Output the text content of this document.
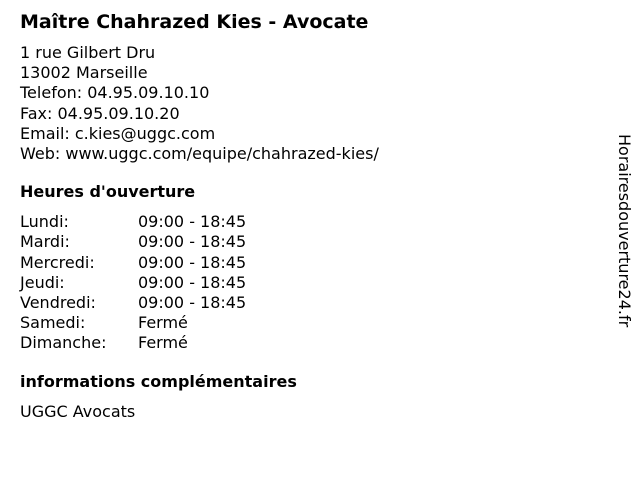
Maître Chahrazed Kies - Avocate
1 rue Gilbert Dru
13002 Marseille
Telefon: 04.95.09.10.10
Fax: 04.95.09.10.20
Email: c.kies@uggc.com
Web: www.uggc.com/equipe/chahrazed-kies/
Heures d'ouverture
Lundi:	09:00 - 18:45
Mardi:	09:00 - 18:45
Mercredi:	09:00 - 18:45
Jeudi:	09:00 - 18:45
Vendredi:	09:00 - 18:45
Samedi:	Fermé
Dimanche:	Fermé
informations complémentaires
UGGC Avocats
Horairesdouverture24.fr
